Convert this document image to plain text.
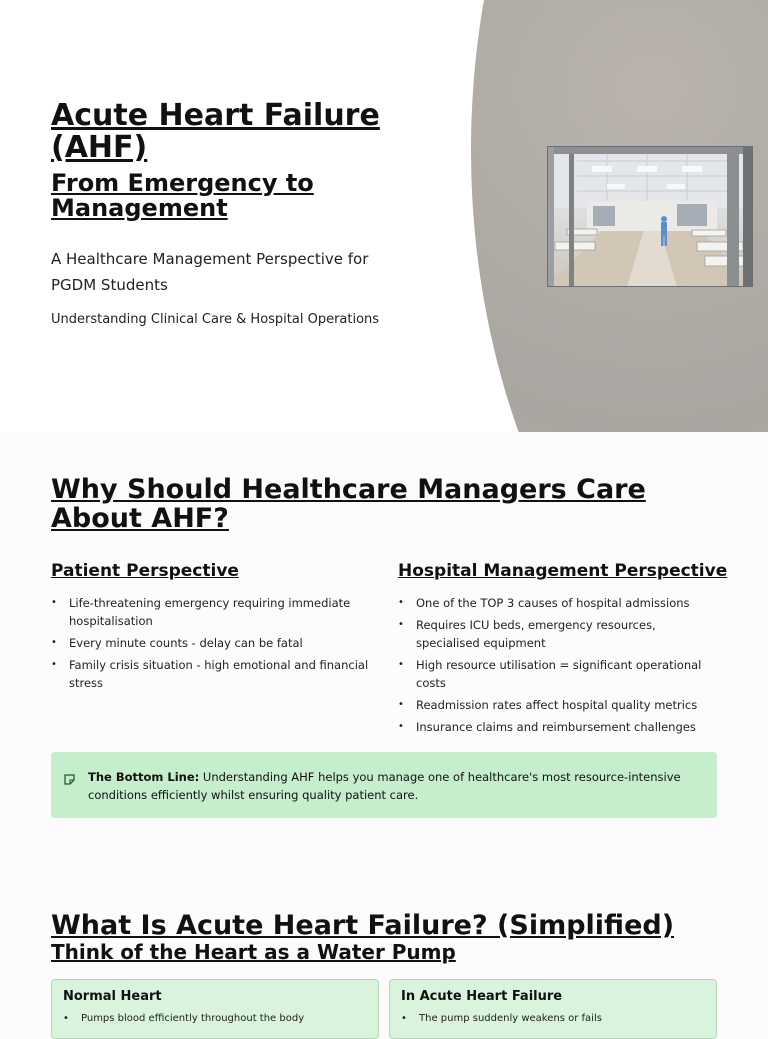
Acute Heart Failure (AHF)
From Emergency to Management

A Healthcare Management Perspective for PGDM Students

Understanding Clinical Care & Hospital Operations

Why Should Healthcare Managers Care About AHF?
Patient Perspective
• Life-threatening emergency requiring immediate hospitalisation
• Every minute counts - delay can be fatal
• Family crisis situation - high emotional and financial stress
Hospital Management Perspective
• One of the TOP 3 causes of hospital admissions
• Requires ICU beds, emergency resources, specialised equipment
• High resource utilisation = significant operational costs
• Readmission rates affect hospital quality metrics
• Insurance claims and reimbursement challenges

The Bottom Line: Understanding AHF helps you manage one of healthcare's most resource-intensive conditions efficiently whilst ensuring quality patient care.

What Is Acute Heart Failure? (Simplified)
Think of the Heart as a Water Pump

Normal Heart

• Pumps blood efficiently throughout the body

In Acute Heart Failure

• The pump suddenly weakens or fails
